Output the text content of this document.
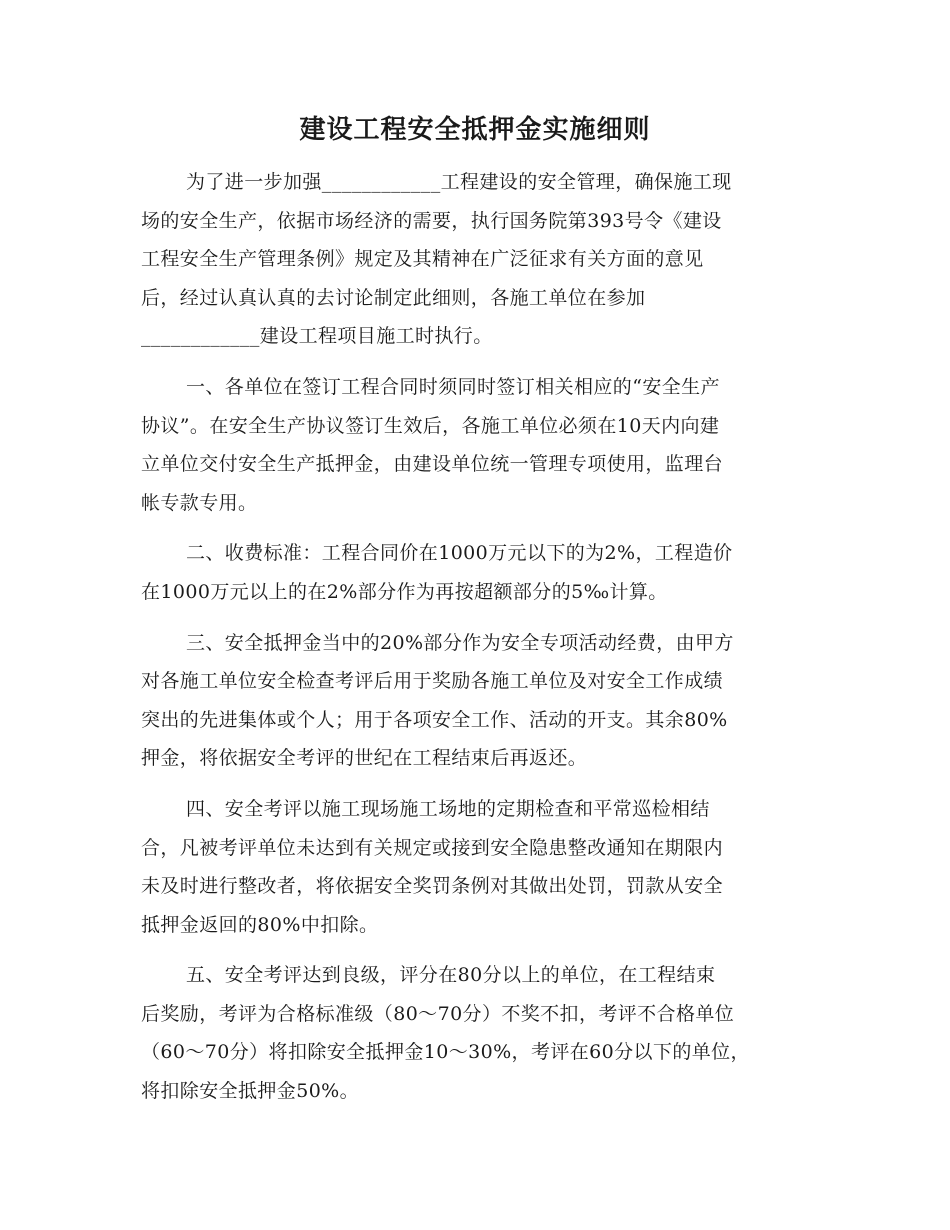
建设工程安全抵押金实施细则

为了进一步加强____________工程建设的安全管理，确保施工现
场的安全生产，依据市场经济的需要，执行国务院第393号令《建设
工程安全生产管理条例》规定及其精神在广泛征求有关方面的意见
后，经过认真认真的去讨论制定此细则，各施工单位在参加
____________建设工程项目施工时执行。

一、各单位在签订工程合同时须同时签订相关相应的“安全生产
协议”。在安全生产协议签订生效后，各施工单位必须在10天内向建
立单位交付安全生产抵押金，由建设单位统一管理专项使用，监理台
帐专款专用。

二、收费标准：工程合同价在1000万元以下的为2%，工程造价
在1000万元以上的在2%部分作为再按超额部分的5‰计算。

三、安全抵押金当中的20%部分作为安全专项活动经费，由甲方
对各施工单位安全检查考评后用于奖励各施工单位及对安全工作成绩
突出的先进集体或个人；用于各项安全工作、活动的开支。其余80%
押金，将依据安全考评的世纪在工程结束后再返还。

四、安全考评以施工现场施工场地的定期检查和平常巡检相结
合，凡被考评单位未达到有关规定或接到安全隐患整改通知在期限内
未及时进行整改者，将依据安全奖罚条例对其做出处罚，罚款从安全
抵押金返回的80%中扣除。

五、安全考评达到良级，评分在80分以上的单位，在工程结束
后奖励，考评为合格标准级（80～70分）不奖不扣，考评不合格单位
（60～70分）将扣除安全抵押金10～30%，考评在60分以下的单位，
将扣除安全抵押金50%。
